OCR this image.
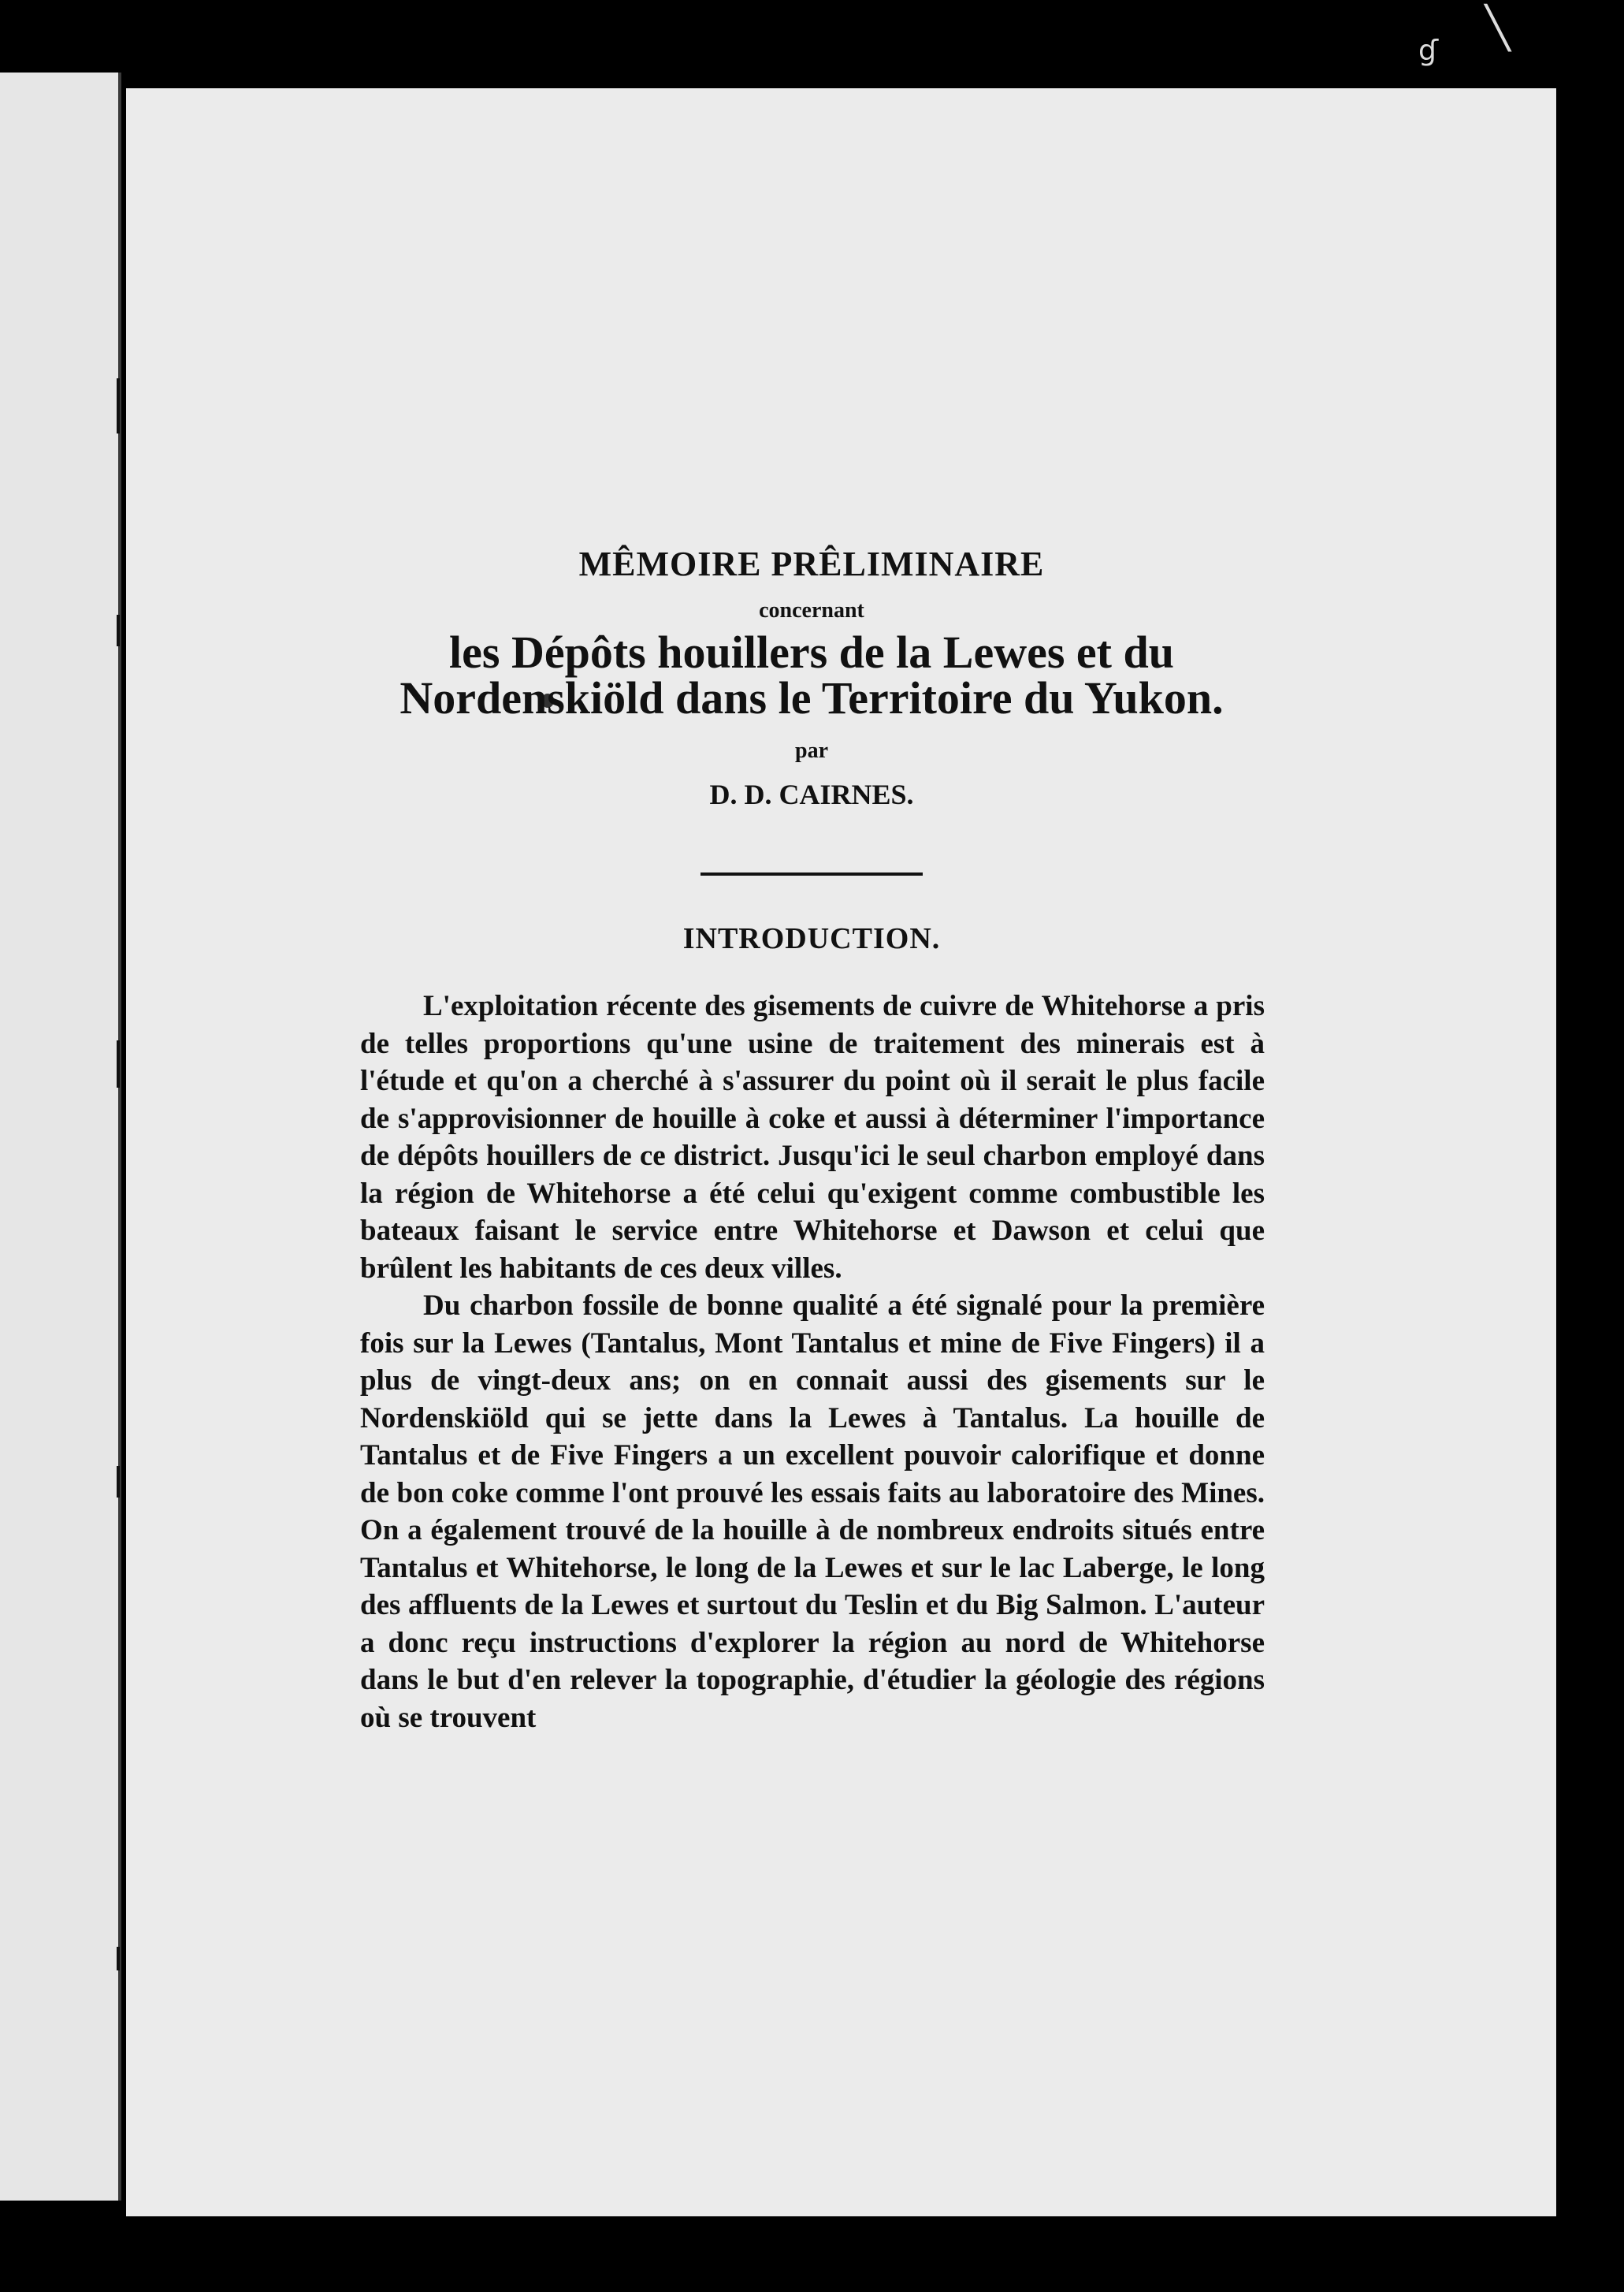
╲
ɠ
MÊMOIRE PRÊLIMINAIRE
concernant
les Dépôts houillers de la Lewes et du Nordenskiöld dans le Territoire du Yukon.
par
D. D. CAIRNES.
INTRODUCTION.

L'exploitation récente des gisements de cuivre de Whitehorse a pris de telles proportions qu'une usine de traitement des minerais est à l'étude et qu'on a cherché à s'assurer du point où il serait le plus facile de s'approvisionner de houille à coke et aussi à déterminer l'importance de dépôts houillers de ce district. Jusqu'ici le seul charbon employé dans la région de Whitehorse a été celui qu'exigent comme combustible les bateaux faisant le service entre Whitehorse et Dawson et celui que brûlent les habitants de ces deux villes.

Du charbon fossile de bonne qualité a été signalé pour la première fois sur la Lewes (Tantalus, Mont Tantalus et mine de Five Fingers) il a plus de vingt-deux ans; on en connait aussi des gisements sur le Nordenskiöld qui se jette dans la Lewes à Tantalus. La houille de Tantalus et de Five Fingers a un excellent pouvoir calorifique et donne de bon coke comme l'ont prouvé les essais faits au laboratoire des Mines. On a également trouvé de la houille à de nombreux endroits situés entre Tantalus et Whitehorse, le long de la Lewes et sur le lac Laberge, le long des affluents de la Lewes et surtout du Teslin et du Big Salmon. L'auteur a donc reçu instructions d'explorer la région au nord de Whitehorse dans le but d'en relever la topographie, d'étudier la géologie des régions où se trouvent
